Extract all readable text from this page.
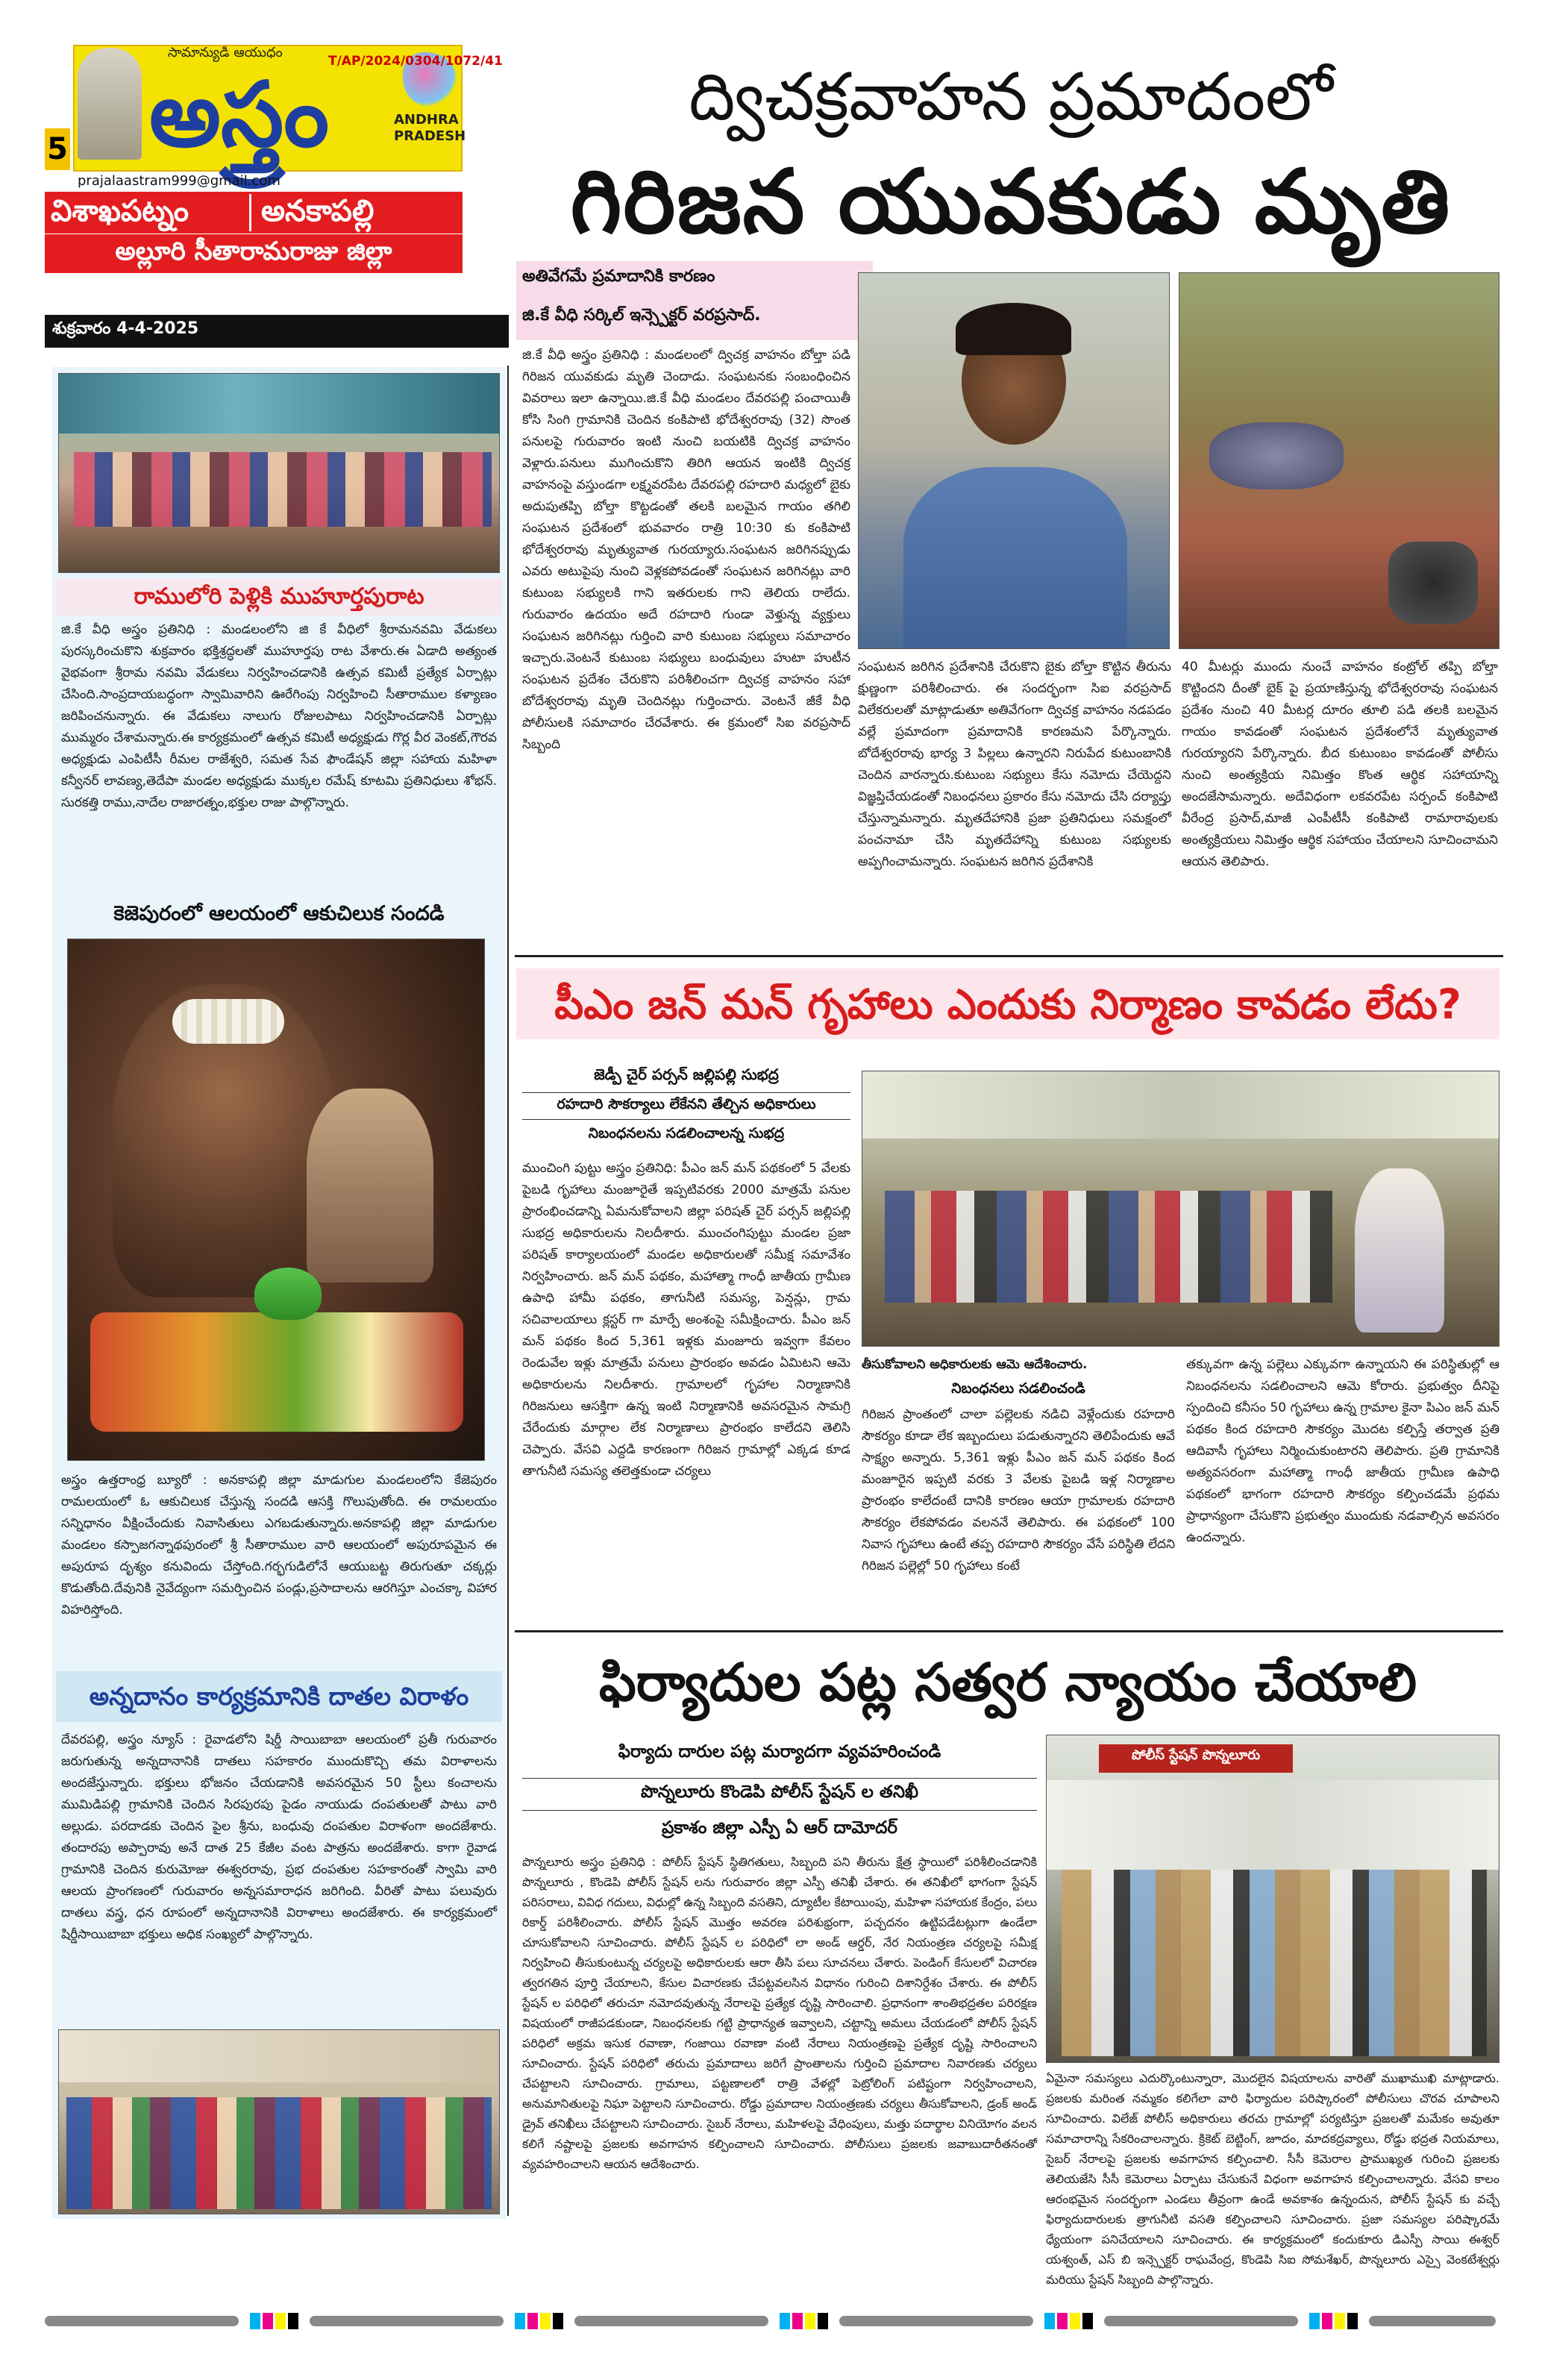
సామాన్యుడి ఆయుధం
T/AP/2024/0304/1072/41
అస్త్రం	ANDHRA PRADESH
5
prajalaastram999@gmail.com
విశాఖపట్నం అనకాపల్లి
అల్లూరి సీతారామరాజు జిల్లా
శుక్రవారం 4-4-2025
ద్విచక్రవాహన ప్రమాదంలో
గిరిజన యువకుడు మృతి
రాములోరి పెళ్లికి ముహూర్తపురాట
జి.కే వీధి అస్త్రం ప్రతినిధి : మండలంలోని జి కే వీధిలో శ్రీరామనవమి వేడుకలు పురస్కరించుకొని శుక్రవారం భక్తిశ్రద్ధలతో ముహూర్తపు రాట వేశారు.ఈ ఏడాది అత్యంత వైభవంగా శ్రీరామ నవమి వేడుకలు నిర్వహించడానికి ఉత్సవ కమిటీ ప్రత్యేక ఏర్పాట్లు చేసింది.సాంప్రదాయబద్ధంగా స్వామివారిని ఊరేగింపు నిర్వహించి సీతారాముల కళ్యాణం జరిపించనున్నారు. ఈ వేడుకలు నాలుగు రోజులపాటు నిర్వహించడానికి ఏర్పాట్లు ముమ్మరం చేశామన్నారు.ఈ కార్యక్రమంలో ఉత్సవ కమిటీ అధ్యక్షుడు గొర్ల వీర వెంకట్,గౌరవ అధ్యక్షుడు ఎంపిటీసీ రీమల రాజేశ్వరి, సమత సేవ ఫౌండేషన్ జిల్లా సహాయ మహిళా కన్వీనర్ లావణ్య,తెదేపా మండల అధ్యక్షుడు ముక్కల రమేష్ కూటమి ప్రతినిధులు శోభన్. సురకత్తి రాము,నాదేల రాజారత్నం,భక్తుల రాజు పాల్గొన్నారు.
కెజెపురంలో ఆలయంలో ఆకుచిలుక సందడి
అస్త్రం ఉత్తరాంధ్ర బ్యూరో : అనకాపల్లి జిల్లా మాడుగుల మండలంలోని కేజెపురం రామలయంలో ఓ ఆకుచిలుక చేస్తున్న సందడి ఆసక్తి గొలుపుతోంది. ఈ రామలయం సన్నిధానం వీక్షించేందుకు నివాసితులు ఎగబడుతున్నారు.అనకాపల్లి జిల్లా మాడుగుల మండలం కస్పాజగన్నాథపురంలో శ్రీ సీతారాముల వారి ఆలయంలో అపురూపమైన ఈ అపురూప దృశ్యం కనువిందు చేస్తోంది.గర్భగుడిలోనే ఆయుబట్ట తిరుగుతూ చక్కర్లు కొడుతోంది.దేవునికి నైవేద్యంగా సమర్పించిన పండ్లు,ప్రసాదాలను ఆరగిస్తూ ఎంచక్కా విహార విహరిస్తోంది.
అన్నదానం కార్యక్రమానికి దాతల విరాళం
దేవరపల్లి, అస్త్రం న్యూస్ : రైవాడలోని షిర్డీ సాయిబాబా ఆలయంలో ప్రతీ గురువారం జరుగుతున్న అన్నదానానికి దాతలు సహకారం ముందుకొచ్చి తమ విరాళాలను అందజేస్తున్నారు. భక్తులు భోజనం చేయడానికి అవసరమైన 50 స్టీలు కంచాలను ముమిడిపల్లి గ్రామానికి చెందిన సిరపురపు పైడం నాయుడు దంపతులతో పాటు వారి అల్లుడు. పరదాడకు చెందిన పైల శ్రీను, బంధువు దంపతుల విరాళంగా అందజేశారు. తందారపు అప్పారావు అనే దాత 25 కేజీల వంట పాత్రను అందజేశారు. కాగా రైవాడ గ్రామానికి చెందిన కురుమోజు ఈశ్వరరావు, ప్రభ దంపతుల సహకారంతో స్వామి వారి ఆలయ ప్రాంగణంలో గురువారం అన్నసమారాధన జరిగింది. వీరితో పాటు పలువురు దాతలు వస్త్ర, ధన రూపంలో అన్నదానానికి విరాళాలు అందజేశారు. ఈ కార్యక్రమంలో షిర్డీసాయిబాబా భక్తులు అధిక సంఖ్యలో పాల్గొన్నారు.
అతివేగమే ప్రమాదానికి కారణం
జి.కే వీధి సర్కిల్ ఇన్స్పెక్టర్ వరప్రసాద్.
జి.కే వీధి అస్త్రం ప్రతినిధి : మండలంలో ద్విచక్ర వాహనం బోల్తా పడి గిరిజన యువకుడు మృతి చెందాడు. సంఘటనకు సంబంధించిన వివరాలు ఇలా ఉన్నాయి.జి.కే వీధి మండలం దేవరపల్లి పంచాయితీ కోసి సింగి గ్రామానికి చెందిన కంకిపాటి భోదేశ్వరరావు (32) సొంత పనులపై గురువారం ఇంటి నుంచి బయటికి ద్విచక్ర వాహనం వెళ్లారు.పనులు ముగించుకొని తిరిగి ఆయన ఇంటికి ద్విచక్ర వాహనంపై వస్తుండగా లక్ష్మవరపేట దేవరపల్లి రహదారి మధ్యలో బైకు అదుపుతప్పి బోల్తా కొట్టడంతో తలకి బలమైన గాయం తగిలి సంఘటన ప్రదేశంలో భువవారం రాత్రి 10:30 కు కంకిపాటి భోదేశ్వరరావు మృత్యువాత గురయ్యారు.సంఘటన జరిగినప్పుడు ఎవరు అటుపైపు నుంచి వెళ్లకపోవడంతో సంఘటన జరిగినట్లు వారి కుటుంబ సభ్యులకి గాని ఇతరులకు గాని తెలియ రాలేదు. గురువారం ఉదయం అదే రహదారి గుండా వెళ్తున్న వ్యక్తులు సంఘటన జరిగినట్లు గుర్తించి వారి కుటుంబ సభ్యులు సమాచారం ఇచ్చారు.వెంటనే కుటుంబ సభ్యులు బంధువులు హుటా హుటీన సంఘటన ప్రదేశం చేరుకొని పరిశీలించగా ద్విచక్ర వాహనం సహా బోదేశ్వరరావు మృతి చెందినట్లు గుర్తించారు. వెంటనే జీకే వీధి పోలీసులకి సమాచారం చేరవేశారు. ఈ క్రమంలో సిఐ వరప్రసాద్ సిబ్బంది
సంఘటన జరిగిన ప్రదేశానికి చేరుకొని బైకు బోల్తా కొట్టిన తీరును క్షుణ్ణంగా పరిశీలించారు. ఈ సందర్భంగా సిఐ వరప్రసాద్ విలేకరులతో మాట్లాడుతూ అతివేగంగా ద్విచక్ర వాహనం నడపడం వల్లే ప్రమాదంగా ప్రమాదానికి కారణమని పేర్కొన్నారు. బోదేశ్వరరావు భార్య 3 పిల్లలు ఉన్నారని నిరుపేద కుటుంబానికి చెందిన వారన్నారు.కుటుంబ సభ్యులు కేసు నమోదు చేయెద్దని విజ్ఞప్తిచేయడంతో నిబంధనలు ప్రకారం కేసు నమోదు చేసి దర్యాప్తు చేస్తున్నామన్నారు. మృతదేహానికి ప్రజా ప్రతినిధులు సమక్షంలో పంచనామా చేసి మృతదేహాన్ని కుటుంబ సభ్యులకు అప్పగించామన్నారు. సంఘటన జరిగిన ప్రదేశానికి
40 మీటర్లు ముందు నుంచే వాహనం కంట్రోల్ తప్పి బోల్తా కొట్టిందని దీంతో బైక్ పై ప్రయాణిస్తున్న భోదేశ్వరరావు సంఘటన ప్రదేశం నుంచి 40 మీటర్ల దూరం తూలి పడి తలకి బలమైన గాయం కావడంతో సంఘటన ప్రదేశంలోనే మృత్యువాత గురయ్యారని పేర్కొన్నారు. బీద కుటుంబం కావడంతో పోలీసు నుంచి అంత్యక్రియ నిమిత్తం కొంత ఆర్థిక సహాయాన్ని అందజేసామన్నారు. అదేవిధంగా లకవరపేట సర్పంచ్ కంకిపాటి వీరేంద్ర ప్రసాద్,మాజీ ఎంపీటీసీ కంకిపాటి రామారావులకు అంత్యక్రియలు నిమిత్తం ఆర్థిక సహాయం చేయాలని సూచించామని ఆయన తెలిపారు.
పీఎం జన్ మన్ గృహాలు ఎందుకు నిర్మాణం కావడం లేదు?
జెడ్పీ చైర్ పర్సన్ జల్లిపల్లి సుభద్ర
రహదారి సౌకర్యాలు లేకేనని తేల్చిన అధికారులు
నిబంధనలను సడలించాలన్న సుభద్ర
ముంచింగి పుట్టు అస్త్రం ప్రతినిధి: పీఎం జన్ మన్ పథకంలో 5 వేలకు పైబడి గృహాలు మంజూరైతే ఇప్పటివరకు 2000 మాత్రమే పనుల ప్రారంభించడాన్ని ఏమనుకోవాలని జిల్లా పరిషత్ చైర్ పర్సన్ జల్లిపల్లి సుభద్ర అధికారులను నిలదీశారు. ముంచంగిపుట్టు మండల ప్రజా పరిషత్ కార్యాలయంలో మండల అధికారులతో సమీక్ష సమావేశం నిర్వహించారు. జన్ మన్ పథకం, మహాత్మా గాంధీ జాతీయ గ్రామీణ ఉపాధి హామీ పథకం, తాగునీటి సమస్య, పెన్షన్లు, గ్రామ సచివాలయాలు క్లస్టర్ గా మార్పే అంశంపై సమీక్షించారు. పీఎం జన్ మన్ పథకం కింద 5,361 ఇళ్లకు మంజూరు ఇవ్వగా కేవలం రెండువేల ఇళ్లు మాత్రమే పనులు ప్రారంభం అవడం ఏమిటని ఆమె అధికారులను నిలదీశారు. గ్రామాలలో గృహాల నిర్మాణానికి గిరిజనులు ఆసక్తిగా ఉన్న ఇంటి నిర్మాణానికి అవసరమైన సామగ్రి చేరేందుకు మార్గాల లేక నిర్మాణాలు ప్రారంభం కాలేదని తెలిసి చెప్పారు. వేసవి ఎద్దడి కారణంగా గిరిజన గ్రామాల్లో ఎక్కడ కూడ తాగునీటి సమస్య తలెత్తకుండా చర్యలు
తీసుకోవాలని అధికారులకు ఆమె ఆదేశించారు.
నిబంధనలు సడలించండి
గిరిజన ప్రాంతంలో చాలా పల్లెలకు నడిచి వెళ్లేందుకు రహదారి సౌకర్యం కూడా లేక ఇబ్బందులు పడుతున్నారని తెలిపేందుకు ఆవే సాక్ష్యం అన్నారు. 5,361 ఇళ్లు పీఎం జన్ మన్ పథకం కింద మంజూరైన ఇప్పటి వరకు 3 వేలకు పైబడి ఇళ్ల నిర్మాణాల ప్రారంభం కాలేదంటే దానికి కారణం ఆయా గ్రామాలకు రహదారి సౌకర్యం లేకపోవడం వలననే తెలిపారు. ఈ పథకంలో 100 నివాస గృహాలు ఉంటే తప్ప రహదారి సౌకర్యం వేసే పరిస్థితి లేదని గిరిజన పల్లెల్లో 50 గృహాలు కంటే
తక్కువగా ఉన్న పల్లెలు ఎక్కువగా ఉన్నాయని ఈ పరిస్థితుల్లో ఆ నిబంధనలను సడలించాలని ఆమె కోరారు. ప్రభుత్వం దీనిపై స్పందించి కనీసం 50 గృహాలు ఉన్న గ్రామాల కైనా పిఎం జన్ మన్ పథకం కింద రహదారి సౌకర్యం మొదట కల్పిస్తే తర్వాత ప్రతి ఆదివాసీ గృహాలు నిర్మించుకుంటారని తెలిపారు. ప్రతి గ్రామానికి అత్యవసరంగా మహాత్మా గాంధీ జాతీయ గ్రామీణ ఉపాధి పథకంలో భాగంగా రహదారి సౌకర్యం కల్పించడమే ప్రథమ ప్రాధాన్యంగా చేసుకొని ప్రభుత్వం ముందుకు నడవాల్సిన అవసరం ఉందన్నారు.
ఫిర్యాదుల పట్ల సత్వర న్యాయం చేయాలి
ఫిర్యాదు దారుల పట్ల మర్యాదగా వ్యవహరించండి
పొన్నలూరు కొండెపి పోలీస్ స్టేషన్ ల తనిఖీ
ప్రకాశం జిల్లా ఎస్పీ ఏ ఆర్ దామోదర్
పొన్నలూరు అస్త్రం ప్రతినిధి : పోలీస్ స్టేషన్ స్థితిగతులు, సిబ్బంది పని తీరును క్షేత్ర స్థాయిలో పరిశీలించడానికి పొన్నలూరు , కొండెపి పోలీస్ స్టేషన్ లను గురువారం జిల్లా ఎస్పీ తనిఖీ చేశారు. ఈ తనిఖీలో భాగంగా స్టేషన్ పరిసరాలు, వివిధ గదులు, విధుల్లో ఉన్న సిబ్బంది వసతిని, ద్యూటీల కేటాయింపు, మహిళా సహాయక కేంద్రం, పలు రికార్డ్ పరిశీలించారు. పోలీస్ స్టేషన్ మొత్తం అవరణ పరిశుభ్రంగా, పచ్చదనం ఉట్టిపడేటట్లుగా ఉండేలా చూసుకోవాలని సూచించారు. పోలీస్ స్టేషన్ ల పరిధిలో లా అండ్ ఆర్డర్, నేర నియంత్రణ చర్యలపై సమీక్ష నిర్వహించి తీసుకుంటున్న చర్యలపై అధికారులకు ఆరా తీసి పలు సూచనలు చేశారు. పెండింగ్ కేసులలో విచారణ త్వరగతిన పూర్తి చేయాలని, కేసుల విచారణకు చేపట్టవలసిన విధానం గురించి దిశానిర్దేశం చేశారు. ఈ పోలీస్ స్టేషన్ ల పరిధిలో తరుచూ నమోదవుతున్న నేరాలపై ప్రత్యేక దృష్టి సారించాలి. ప్రధానంగా శాంతిభద్రతల పరిరక్షణ విషయంలో రాజీపడకుండా, నిబంధనలకు గట్టి ప్రాధాన్యత ఇవ్వాలని, చట్టాన్ని అమలు చేయడంలో పోలీస్ స్టేషన్ పరిధిలో అక్రమ ఇసుక రవాణా, గంజాయి రవాణా వంటి నేరాలు నియంత్రణపై ప్రత్యేక దృష్టి సారించాలని సూచించారు. స్టేషన్ పరిధిలో తరుచు ప్రమాదాలు జరిగే ప్రాంతాలను గుర్తించి ప్రమాదాల నివారణకు చర్యలు చేపట్టాలని సూచించారు. గ్రామాలు, పట్టణాలలో రాత్రి వేళల్లో పెట్రోలింగ్ పటిష్టంగా నిర్వహించాలని, అనుమానితులపై నిఘా పెట్టాలని సూచించారు. రోడ్డు ప్రమాదాల నియంత్రణకు చర్యలు తీసుకోవాలని, డ్రంక్ అండ్ డ్రైవ్ తనిఖీలు చేపట్టాలని సూచించారు. సైబర్ నేరాలు, మహిళలపై వేధింపులు, మత్తు పదార్థాల వినియోగం వలన కలిగే నష్టాలపై ప్రజలకు అవగాహన కల్పించాలని సూచించారు. పోలీసులు ప్రజలకు జవాబుదారీతనంతో వ్యవహరించాలని ఆయన ఆదేశించారు.
పోలీస్ స్టేషన్ పొన్నలూరు
ఏమైనా సమస్యలు ఎదుర్కొంటున్నారా, మొదలైన విషయాలను వారితో ముఖాముఖి మాట్లాడారు. ప్రజలకు మరింత నమ్మకం కలిగేలా వారి ఫిర్యాదుల పరిష్కారంలో పోలీసులు చొరవ చూపాలని సూచించారు. విలేజ్ పోలీస్ అధికారులు తరచు గ్రామాల్లో పర్యటిస్తూ ప్రజలతో మమేకం అవుతూ సమాచారాన్ని సేకరించాలన్నారు. క్రికెట్ బెట్టింగ్, జూదం, మాదకద్రవ్యాలు, రోడ్డు భద్రత నియమాలు, సైబర్ నేరాలపై ప్రజలకు అవగాహన కల్పించాలి. సీసీ కెమెరాల ప్రాముఖ్యత గురించి ప్రజలకు తెలియజేసి సీసీ కెమెరాలు ఏర్పాటు చేసుకునే విధంగా అవగాహన కల్పించాలన్నారు. వేసవి కాలం ఆరంభమైన సందర్భంగా ఎండలు తీవ్రంగా ఉండే అవకాశం ఉన్నందున, పోలీస్ స్టేషన్ కు వచ్చే ఫిర్యాదుదారులకు త్రాగునీటి వసతి కల్పించాలని సూచించారు. ప్రజా సమస్యల పరిష్కారమే ధ్యేయంగా పనిచేయాలని సూచించారు. ఈ కార్యక్రమంలో కందుకూరు డిఎస్పీ సాయి ఈశ్వర్ యశ్వంత్, ఎస్ బి ఇన్స్పెక్టర్ రాఘవేంద్ర, కొండెపి సిఐ సోమశేఖర్, పొన్నలూరు ఎస్సై వెంకటేశ్వర్లు మరియు స్టేషన్ సిబ్బంది పాల్గొన్నారు.
